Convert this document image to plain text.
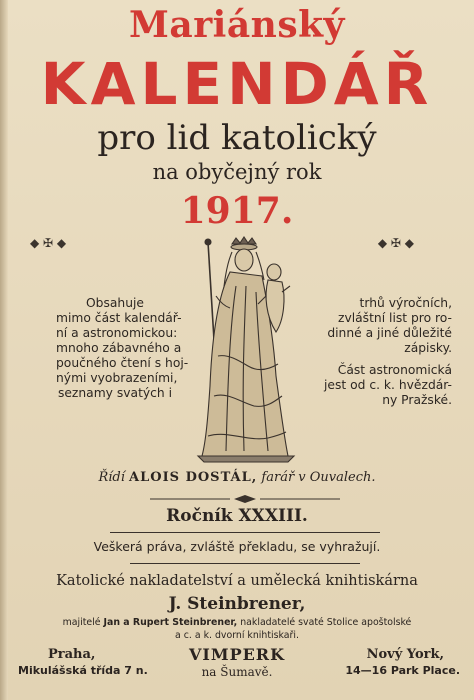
Mariánský
KALENDÁŘ
pro lid katolický
na obyčejný rok
1917.
◆ ✠ ◆	◆ ✠ ◆
Obsahuje
mimo část kalendář-
ní a astronomickou:
mnoho zábavného a
poučného čtení s hoj-
nými vyobrazeními,
seznamy svatých i
trhů výročních,
zvláštní list pro ro-
dinné a jiné důležité
zápisky.
Část astronomická
jest od c. k. hvězdár-
ny Pražské.
Řídí ALOIS DOSTÁL, farář v Ouvalech.
Ročník XXXIII.
Veškerá práva, zvláště překladu, se vyhražují.
Katolické nakladatelství a umělecká knihtiskárna
J. Steinbrener,
majitelé Jan a Rupert Steinbrener, nakladatelé svaté Stolice apoštolské
a c. a k. dvorní knihtiskaři.
Praha,
Mikulášská třída 7 n.
VIMPERK
na Šumavě.
Nový York,
14—16 Park Place.
